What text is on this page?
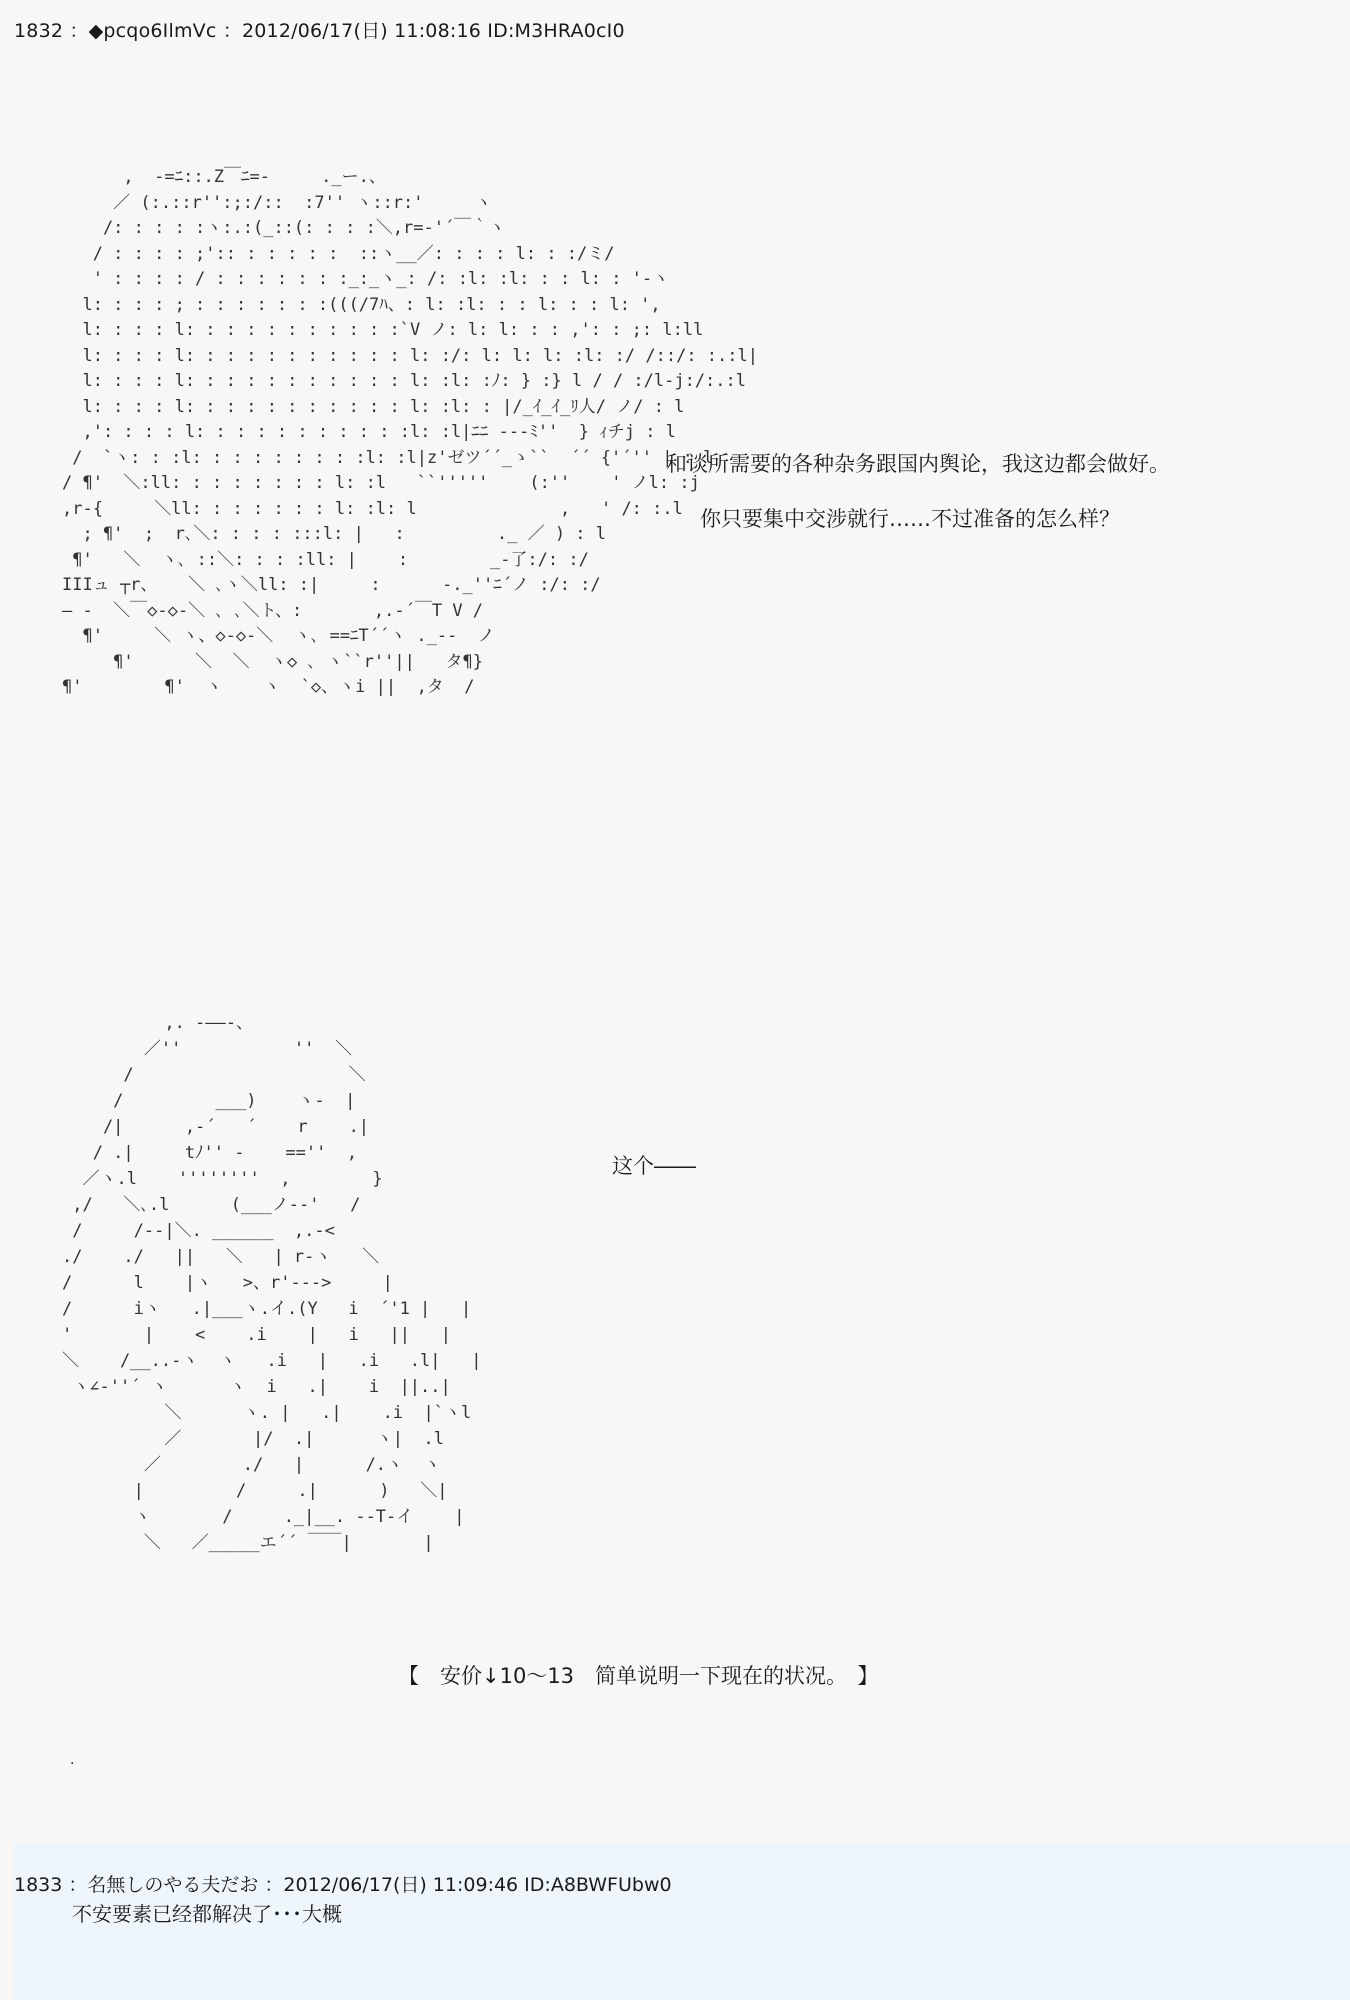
1832 ：◆pcqo6IlmVc ：2012/06/17(日) 11:08:16 ID:M3HRA0cI0
,  -=ﾆ::.Z￣ﾆ=-     ._ー.、
／ (:.::r'':;:/::  :7'' ヽ::r:'     ヽ
/: : : : :ヽ:.:(_::(: : : :＼,r=-'´￣｀ヽ
/ : : : : ;':: : : : : :  ::ヽ__／: : : : l: : :/ミ/
' : : : : / : : : : : : :_:_ヽ_: /: :l: :l: : : l: : '-ヽ
l: : : : ; : : : : : : :(((/7ﾊ、: l: :l: : : l: : : l: ',
l: : : : l: : : : : : : : : : :`V ノ: l: l: : : ,': : ;: l:ll
l: : : : l: : : : : : : : : : : l: :/: l: l: l: :l: :/ /::/: :.:l|
l: : : : l: : : : : : : : : : : l: :l: :ﾉ: } :} l / / :/l-j:/:.:l
l: : : : l: : : : : : : : : : : l: :l: : |/_ｲ_ｲ_ﾘ人/ ノ/ : l
,': : : : l: : : : : : : : : : :l: :l|ﾆﾆ ---ﾐ''  } ｨチj : l
/  `ヽ: : :l: : : : : : : : :l: :l|z'ゼツ´´_ゝ``  ´´ {'´'' | : l
/ ¶'  ＼:ll: : : : : : : : l: :l   ``'''''    (:''    ' ノl: :j
,r-{     ＼ll: : : : : : : l: :l: l              ,   ' /: :.l
; ¶'  ;  r､＼: : : : :::l: |   :         ._ ／ ) : l
¶'   ＼  ヽ､ ::＼: : : :ll: |    :        _-了:/: :/
IIIュ ┬r、   ＼ ､ヽ＼ll: :|     :      -._''ﾆ´ノ :/: :/
― -  ＼￣◇-◇-＼ ､ ､＼ト、:       ,.-´￣T V /
¶'     ＼ ヽ、◇-◇-＼  ヽ､ ==ﾆT´´ヽ ._--  ノ
¶'      ＼  ＼  ヽ◇ ､ ヽ``r''||   タ¶}
¶'        ¶'  ヽ    ヽ  `◇、ヽi ||  ,タ  /
和谈所需要的各种杂务跟国内舆论，我这边都会做好。
你只要集中交涉就行……不过准备的怎么样？
,. -――-、
／''           ''  ＼
/                     ＼
/         ___)    ヽ-  |
/|      ,-´   ´    r    .|
/ .|     tﾉ'' ‐    ==''  ,
／ヽ.l    ''''''''  ,        }
,/   ＼､.l      (___ノ--'   /
/     /--|＼. ______  ,.-<
./    ./   ||   ＼   | r-ヽ   ＼
/      l    |ヽ   >、r'--->     |
/      iヽ   .|___ヽ.イ.(Y   i  ´'1 |   |
'       |    <    .i    |   i   ||   |
＼    /__..-ヽ  ヽ   .i   |   .i   .l|   |
ヽ∠-''´ ヽ      ヽ  i   .|    i  ||..|
＼      ヽ. |   .|    .i  |`ヽl
／       |/  .|      ヽ|  .l
／        ./   |      /.ヽ  ヽ
|         /     .|      )   ＼|
ヽ       /     ._|__. --T-イ    |
＼   ／_____エ´´ ￣￣|       |
这个――
【　安价↓10～13　简单说明一下现在的状况。　】
.
1833 ：名無しのやる夫だお ：2012/06/17(日) 11:09:46 ID:A8BWFUbw0
不安要素已经都解决了･･･大概
